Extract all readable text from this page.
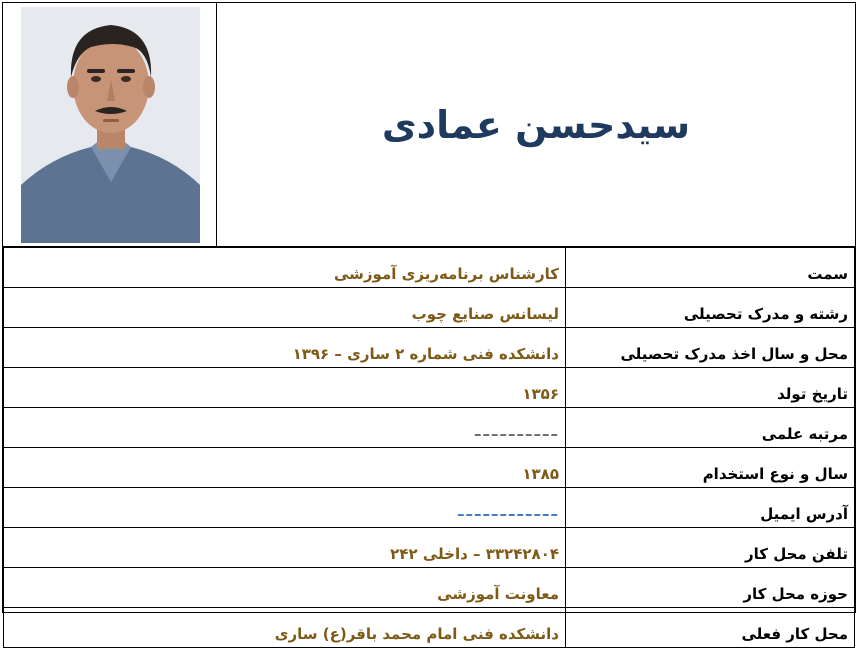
سیدحسن عمادی
سمت	کارشناس برنامه‌ریزی آموزشی
رشته و مدرک تحصیلی	لیسانس صنایع چوب
محل و سال اخذ مدرک تحصیلی	دانشکده فنی شماره ۲ ساری – ۱۳۹۶
تاریخ تولد	۱۳۵۶
مرتبه علمی	––––––––––
سال و نوع استخدام	۱۳۸۵
آدرس ایمیل	––––––––––––
تلفن محل کار	۳۳۲۴۲۸۰۴ – داخلی ۲۴۲
حوزه محل کار	معاونت آموزشی
محل کار فعلی	دانشکده فنی امام محمد باقر(ع) ساری
